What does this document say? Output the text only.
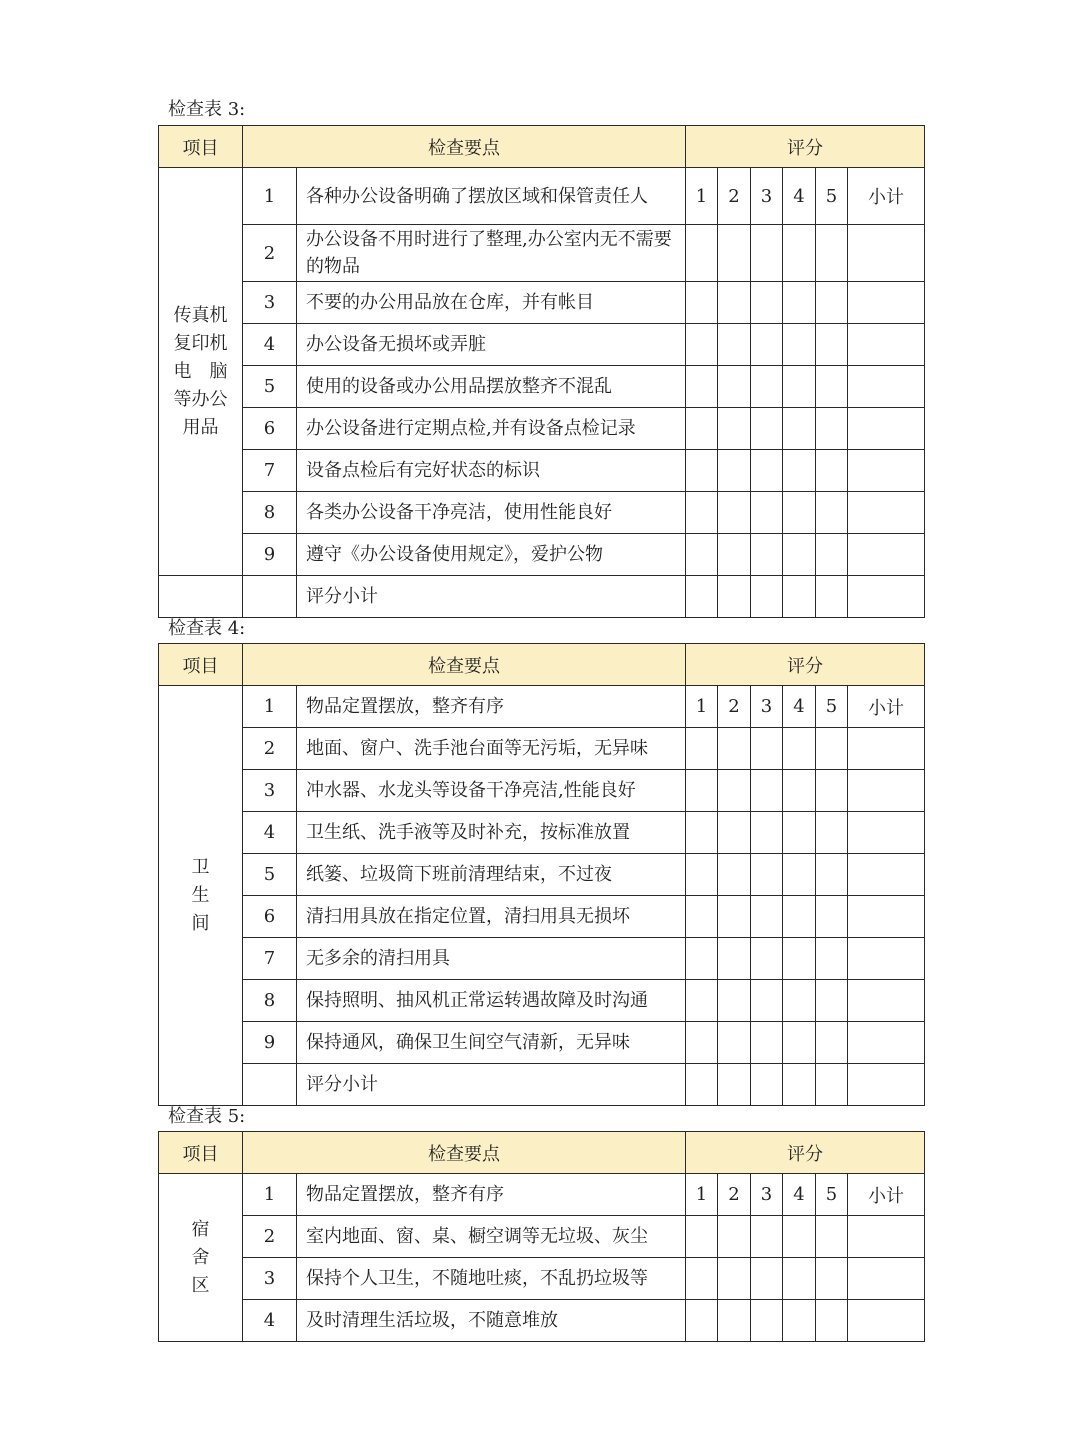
检查表 3:
项目	检查要点		评分					
传真机
复印机
电　脑
等办公
用品	1	各种办公设备明确了摆放区域和保管责任人	1	2	3	4	5	小计
	2	办公设备不用时进行了整理,办公室内无不需要的物品						
	3	不要的办公用品放在仓库，并有帐目						
	4	办公设备无损坏或弄脏						
	5	使用的设备或办公用品摆放整齐不混乱						
	6	办公设备进行定期点检,并有设备点检记录						
	7	设备点检后有完好状态的标识						
	8	各类办公设备干净亮洁，使用性能良好						
	9	遵守《办公设备使用规定》，爱护公物						
		评分小计						
检查表 4:
项目	检查要点		评分					
卫
生
间	1	物品定置摆放，整齐有序	1	2	3	4	5	小计
	2	地面、窗户、洗手池台面等无污垢，无异味						
	3	冲水器、水龙头等设备干净亮洁,性能良好						
	4	卫生纸、洗手液等及时补充，按标准放置						
	5	纸篓、垃圾筒下班前清理结束，不过夜						
	6	清扫用具放在指定位置，清扫用具无损坏						
	7	无多余的清扫用具						
	8	保持照明、抽风机正常运转遇故障及时沟通						
	9	保持通风，确保卫生间空气清新，无异味						
		评分小计						
检查表 5:
项目	检查要点		评分					
宿
舍
区	1	物品定置摆放，整齐有序	1	2	3	4	5	小计
	2	室内地面、窗、桌、橱空调等无垃圾、灰尘						
	3	保持个人卫生，不随地吐痰，不乱扔垃圾等						
	4	及时清理生活垃圾，不随意堆放						
